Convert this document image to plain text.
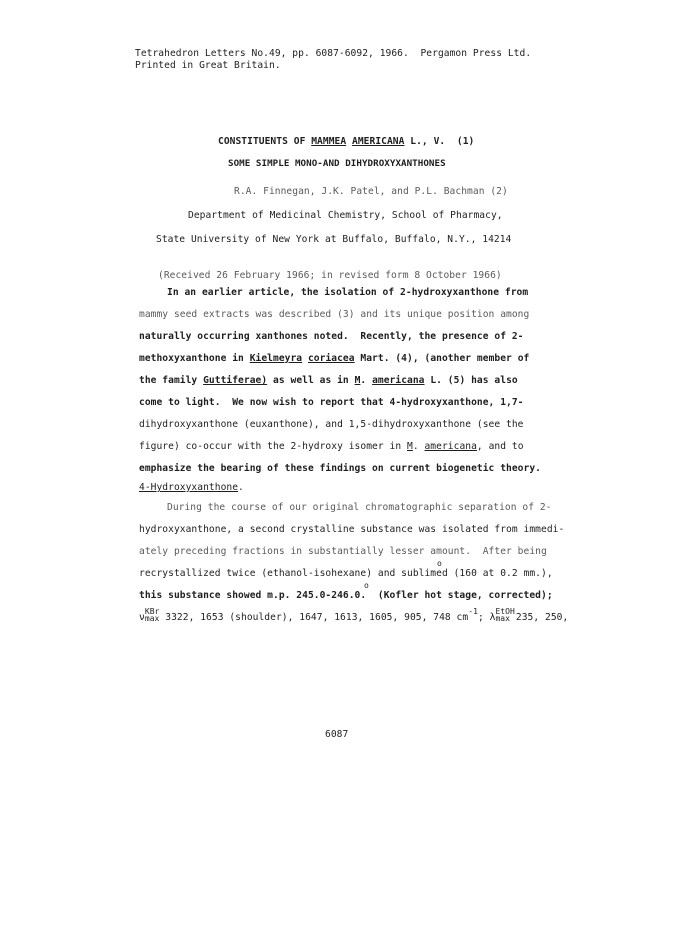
Tetrahedron Letters No.49, pp. 6087-6092, 1966.  Pergamon Press Ltd.
Printed in Great Britain.
CONSTITUENTS OF MAMMEA AMERICANA L., V.  (1)
SOME SIMPLE MONO-AND DIHYDROXYXANTHONES
R.A. Finnegan, J.K. Patel, and P.L. Bachman (2)
Department of Medicinal Chemistry, School of Pharmacy,
State University of New York at Buffalo, Buffalo, N.Y., 14214
(Received 26 February 1966; in revised form 8 October 1966)
In an earlier article, the isolation of 2-hydroxyxanthone from
mammy seed extracts was described (3) and its unique position among
naturally occurring xanthones noted.  Recently, the presence of 2-
methoxyxanthone in Kielmeyra coriacea Mart. (4), (another member of
the family Guttiferae) as well as in M. americana L. (5) has also
come to light.  We now wish to report that 4-hydroxyxanthone, 1,7-
dihydroxyxanthone (euxanthone), and 1,5-dihydroxyxanthone (see the
figure) co-occur with the 2-hydroxy isomer in M. americana, and to
emphasize the bearing of these findings on current biogenetic theory.
4-Hydroxyxanthone.
During the course of our original chromatographic separation of 2-
hydroxyxanthone, a second crystalline substance was isolated from immedi-
ately preceding fractions in substantially lesser amount.  After being
o
recrystallized twice (ethanol-isohexane) and sublimed (160 at 0.2 mm.),
o
this substance showed m.p. 245.0-246.0.  (Kofler hot stage, corrected);
ν
KBr
max 3322, 1653 (shoulder), 1647, 1613, 1605, 905, 748 $cm^{-1}$; λ
EtOH
max 235, 250,
6087
